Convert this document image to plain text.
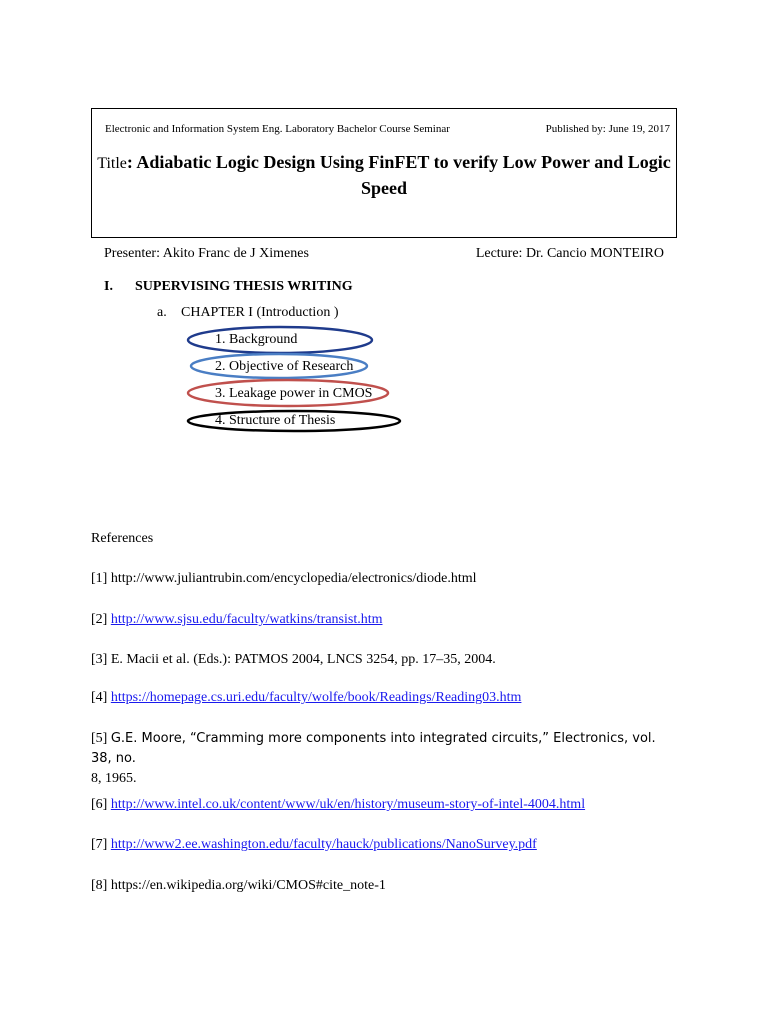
Electronic and Information System Eng. Laboratory Bachelor Course Seminar	Published by: June 19, 2017
Title: Adiabatic Logic Design Using FinFET to verify Low Power and Logic Speed
Presenter: Akito Franc de J Ximenes	Lecture: Dr. Cancio MONTEIRO
I. SUPERVISING THESIS WRITING
a. CHAPTER I (Introduction )
1. Background
2. Objective of Research
3. Leakage power in CMOS
4. Structure of Thesis
References
[1] http://www.juliantrubin.com/encyclopedia/electronics/diode.html
[2] http://www.sjsu.edu/faculty/watkins/transist.htm
[3] E. Macii et al. (Eds.): PATMOS 2004, LNCS 3254, pp. 17–35, 2004.
[4] https://homepage.cs.uri.edu/faculty/wolfe/book/Readings/Reading03.htm
[5] G.E. Moore, “Cramming more components into integrated circuits,” Electronics, vol. 38, no.
8, 1965.
[6] http://www.intel.co.uk/content/www/uk/en/history/museum-story-of-intel-4004.html
[7] http://www2.ee.washington.edu/faculty/hauck/publications/NanoSurvey.pdf
[8] https://en.wikipedia.org/wiki/CMOS#cite_note-1
